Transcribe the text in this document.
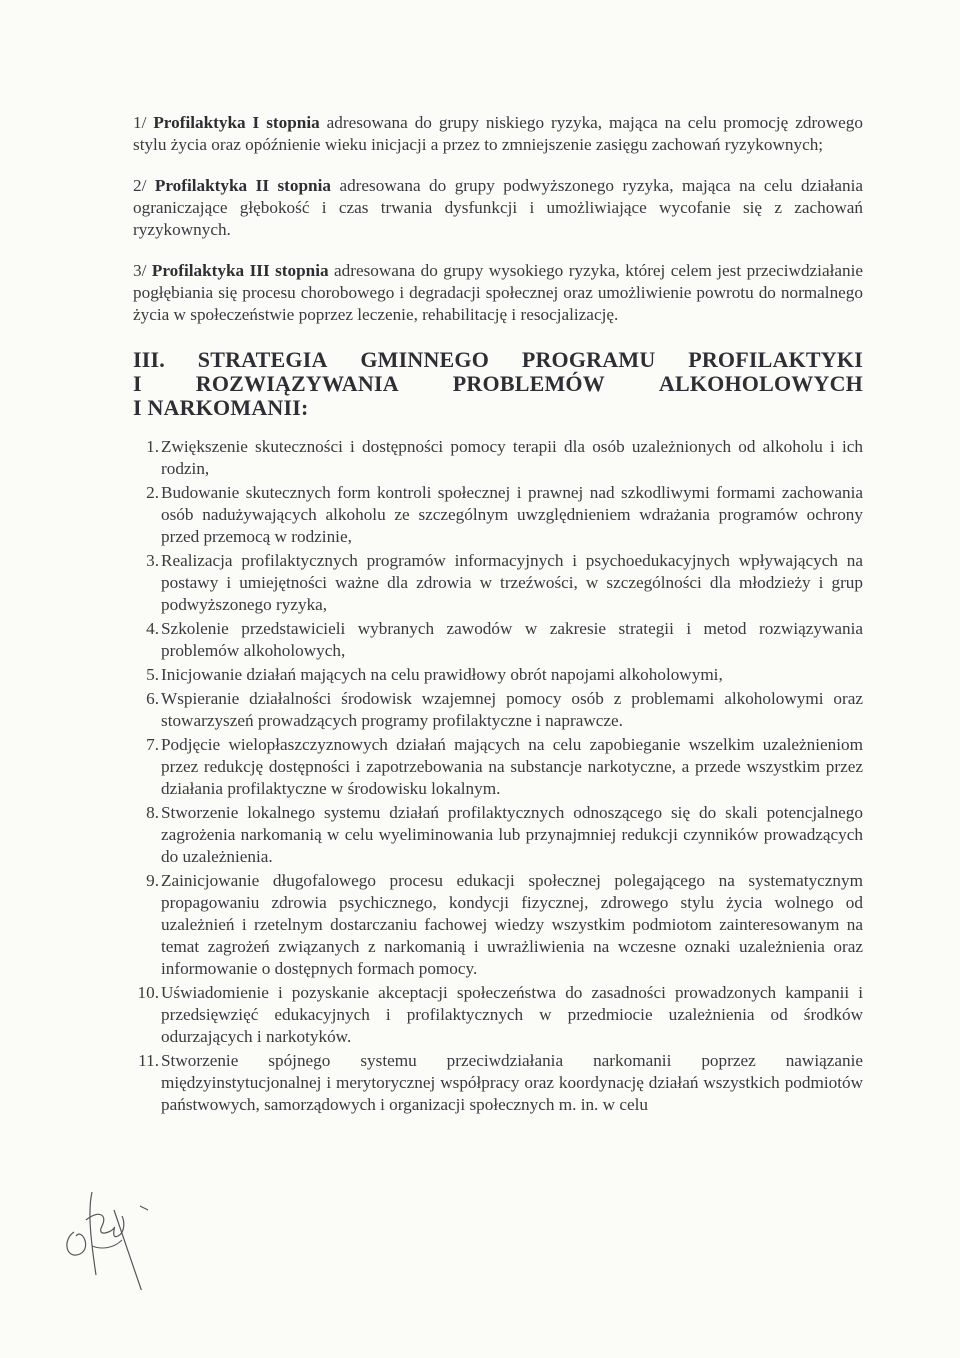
1/ Profilaktyka I stopnia adresowana do grupy niskiego ryzyka, mająca na celu promocję zdrowego stylu życia oraz opóźnienie wieku inicjacji a przez to zmniejszenie zasięgu zachowań ryzykownych;

2/ Profilaktyka II stopnia adresowana do grupy podwyższonego ryzyka, mająca na celu działania ograniczające głębokość i czas trwania dysfunkcji i umożliwiające wycofanie się z zachowań ryzykownych.

3/ Profilaktyka III stopnia adresowana do grupy wysokiego ryzyka, której celem jest przeciwdziałanie pogłębiania się procesu chorobowego i degradacji społecznej oraz umożliwienie powrotu do normalnego życia w społeczeństwie poprzez leczenie, rehabilitację i resocjalizację.

III. STRATEGIA GMINNEGO PROGRAMU PROFILAKTYKI
I ROZWIĄZYWANIA PROBLEMÓW ALKOHOLOWYCH
I NARKOMANII:
1. Zwiększenie skuteczności i dostępności pomocy terapii dla osób uzależnionych od alkoholu i ich rodzin,
2. Budowanie skutecznych form kontroli społecznej i prawnej nad szkodliwymi formami zachowania osób nadużywających alkoholu ze szczególnym uwzględnieniem wdrażania programów ochrony przed przemocą w rodzinie,
3. Realizacja profilaktycznych programów informacyjnych i psychoedukacyjnych wpływających na postawy i umiejętności ważne dla zdrowia w trzeźwości, w szczególności dla młodzieży i grup podwyższonego ryzyka,
4. Szkolenie przedstawicieli wybranych zawodów w zakresie strategii i metod rozwiązywania problemów alkoholowych,
5. Inicjowanie działań mających na celu prawidłowy obrót napojami alkoholowymi,
6. Wspieranie działalności środowisk wzajemnej pomocy osób z problemami alkoholowymi oraz stowarzyszeń prowadzących programy profilaktyczne i naprawcze.
7. Podjęcie wielopłaszczyznowych działań mających na celu zapobieganie wszelkim uzależnieniom przez redukcję dostępności i zapotrzebowania na substancje narkotyczne, a przede wszystkim przez działania profilaktyczne w środowisku lokalnym.
8. Stworzenie lokalnego systemu działań profilaktycznych odnoszącego się do skali potencjalnego zagrożenia narkomanią w celu wyeliminowania lub przynajmniej redukcji czynników prowadzących do uzależnienia.
9. Zainicjowanie długofalowego procesu edukacji społecznej polegającego na systematycznym propagowaniu zdrowia psychicznego, kondycji fizycznej, zdrowego stylu życia wolnego od uzależnień i rzetelnym dostarczaniu fachowej wiedzy wszystkim podmiotom zainteresowanym na temat zagrożeń związanych z narkomanią i uwrażliwienia na wczesne oznaki uzależnienia oraz informowanie o dostępnych formach pomocy.
10. Uświadomienie i pozyskanie akceptacji społeczeństwa do zasadności prowadzonych kampanii i przedsięwzięć edukacyjnych i profilaktycznych w przedmiocie uzależnienia od środków odurzających i narkotyków.
11. Stworzenie spójnego systemu przeciwdziałania narkomanii poprzez nawiązanie międzyinstytucjonalnej i merytorycznej współpracy oraz koordynację działań wszystkich podmiotów państwowych, samorządowych i organizacji społecznych m. in. w celu
